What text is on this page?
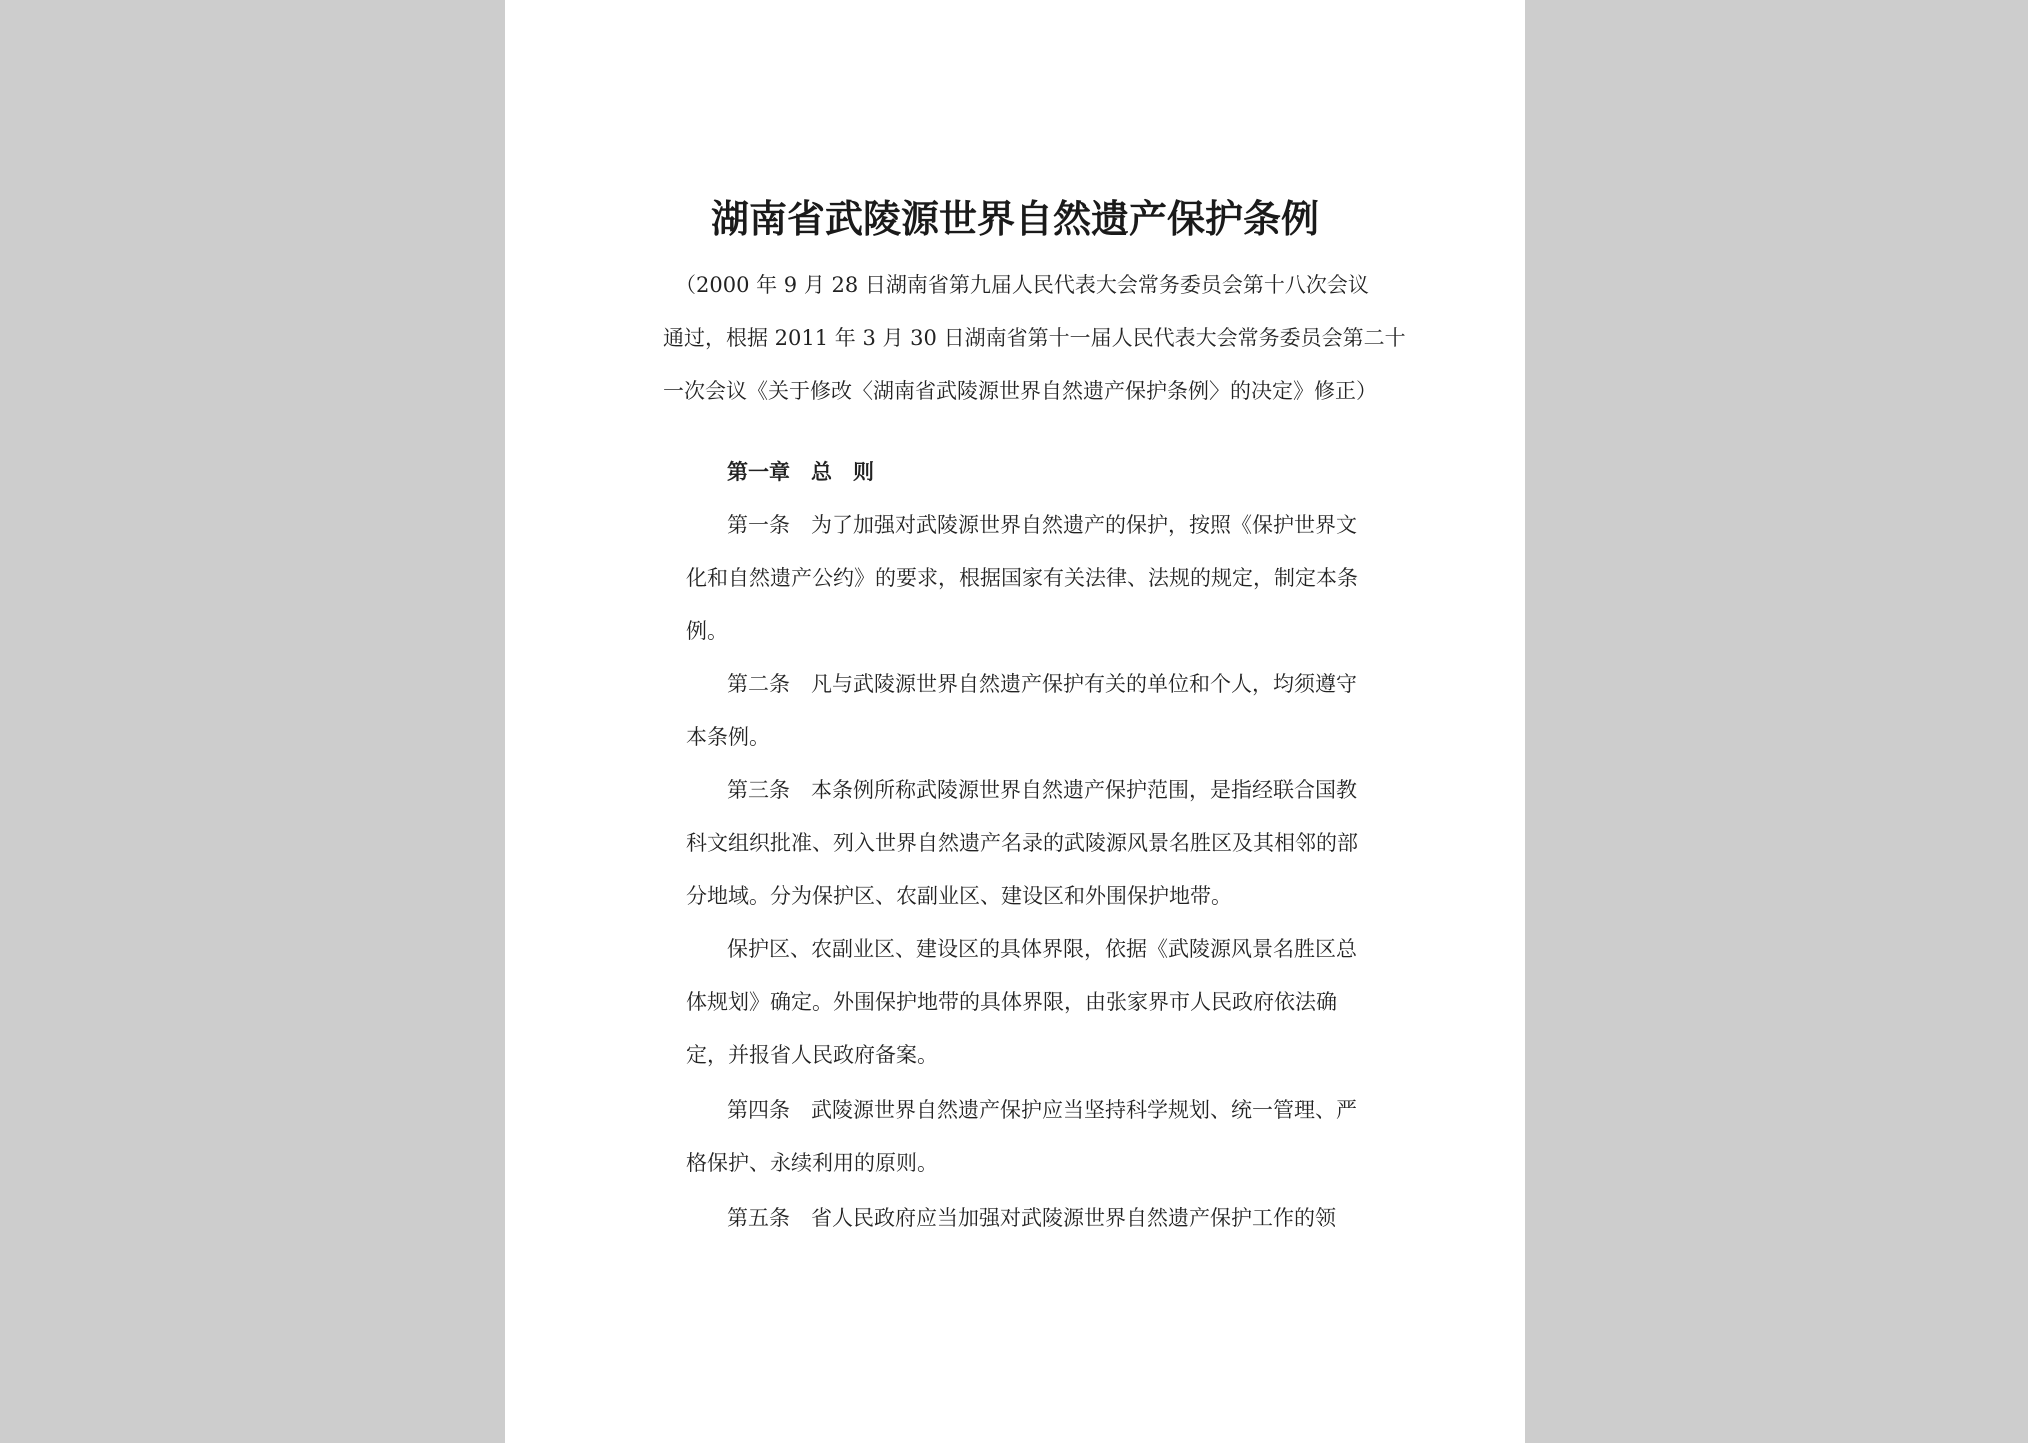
湖南省武陵源世界自然遗产保护条例
（2000 年 9 月 28 日湖南省第九届人民代表大会常务委员会第十八次会议
通过，根据 2011 年 3 月 30 日湖南省第十一届人民代表大会常务委员会第二十
一次会议《关于修改〈湖南省武陵源世界自然遗产保护条例〉的决定》修正）
第一章　总　则
第一条　为了加强对武陵源世界自然遗产的保护，按照《保护世界文
化和自然遗产公约》的要求，根据国家有关法律、法规的规定，制定本条
例。
第二条　凡与武陵源世界自然遗产保护有关的单位和个人，均须遵守
本条例。
第三条　本条例所称武陵源世界自然遗产保护范围，是指经联合国教
科文组织批准、列入世界自然遗产名录的武陵源风景名胜区及其相邻的部
分地域。分为保护区、农副业区、建设区和外围保护地带。
保护区、农副业区、建设区的具体界限，依据《武陵源风景名胜区总
体规划》确定。外围保护地带的具体界限，由张家界市人民政府依法确
定，并报省人民政府备案。
第四条　武陵源世界自然遗产保护应当坚持科学规划、统一管理、严
格保护、永续利用的原则。
第五条　省人民政府应当加强对武陵源世界自然遗产保护工作的领
